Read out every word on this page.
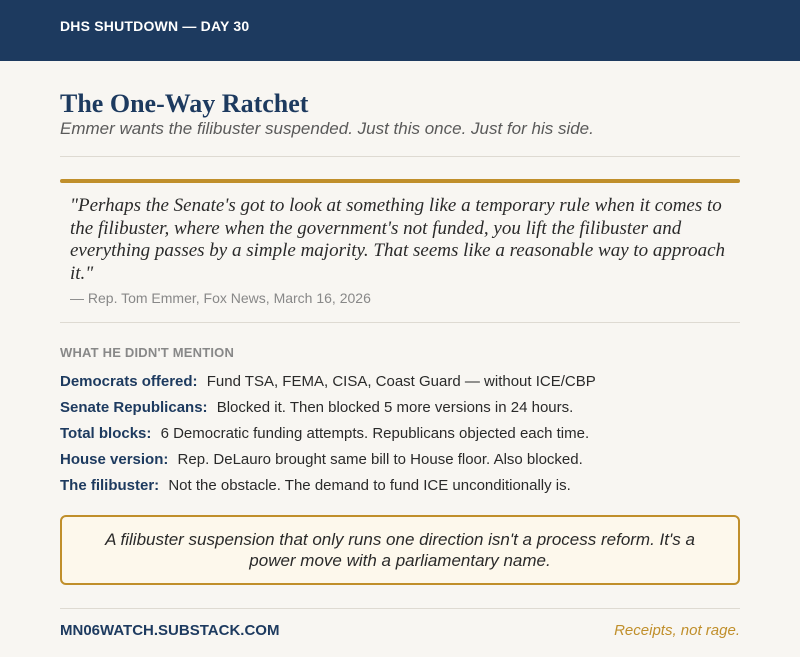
DHS SHUTDOWN — DAY 30
The One-Way Ratchet
Emmer wants the filibuster suspended. Just this once. Just for his side.
"Perhaps the Senate's got to look at something like a temporary rule when it comes to the filibuster, where when the government's not funded, you lift the filibuster and everything passes by a simple majority. That seems like a reasonable way to approach it."
— Rep. Tom Emmer, Fox News, March 16, 2026
WHAT HE DIDN'T MENTION
Democrats offered: Fund TSA, FEMA, CISA, Coast Guard — without ICE/CBP
Senate Republicans: Blocked it. Then blocked 5 more versions in 24 hours.
Total blocks: 6 Democratic funding attempts. Republicans objected each time.
House version: Rep. DeLauro brought same bill to House floor. Also blocked.
The filibuster: Not the obstacle. The demand to fund ICE unconditionally is.
A filibuster suspension that only runs one direction isn't a process reform. It's a power move with a parliamentary name.
MN06WATCH.SUBSTACK.COM	Receipts, not rage.
